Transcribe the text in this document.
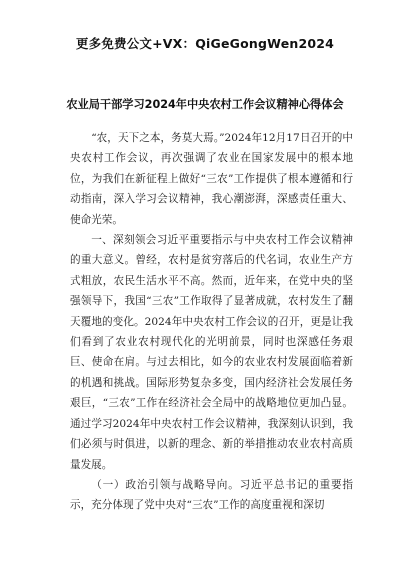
更多免费公文+VX：QiGeGongWen2024
农业局干部学习2024年中央农村工作会议精神心得体会

“农，天下之本，务莫大焉。”2024年12月17日召开的中央农村工作会议，再次强调了农业在国家发展中的根本地位，为我们在新征程上做好“三农”工作提供了根本遵循和行动指南，深入学习会议精神，我心潮澎湃，深感责任重大、使命光荣。

一、深刻领会习近平重要指示与中央农村工作会议精神的重大意义。曾经，农村是贫穷落后的代名词，农业生产方式粗放，农民生活水平不高。然而，近年来，在党中央的坚强领导下，我国“三农”工作取得了显著成就，农村发生了翻天覆地的变化。2024年中央农村工作会议的召开，更是让我们看到了农业农村现代化的光明前景，同时也深感任务艰巨、使命在肩。与过去相比，如今的农业农村发展面临着新的机遇和挑战。国际形势复杂多变，国内经济社会发展任务艰巨，“三农”工作在经济社会全局中的战略地位更加凸显。通过学习2024年中央农村工作会议精神，我深刻认识到，我们必须与时俱进，以新的理念、新的举措推动农业农村高质量发展。

（一）政治引领与战略导向。习近平总书记的重要指示，充分体现了党中央对“三农”工作的高度重视和深切
